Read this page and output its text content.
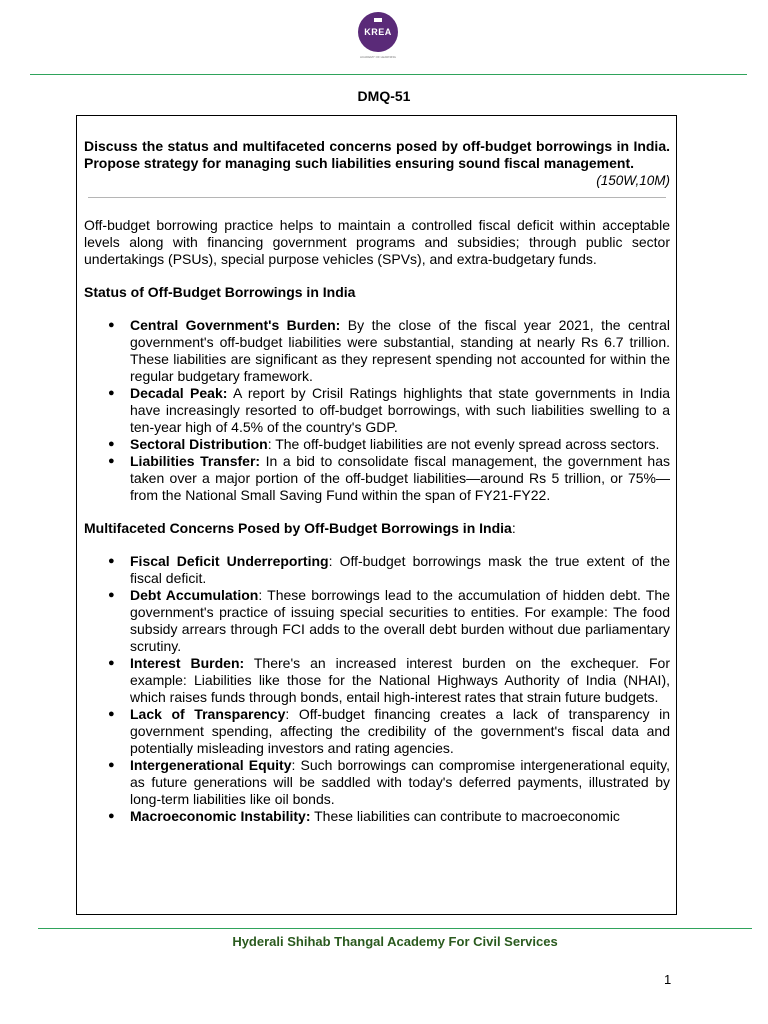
KREA
ACADEMY OF LEARNING
DMQ-51
Discuss the status and multifaceted concerns posed by off-budget borrowings in India. Propose strategy for managing such liabilities ensuring sound fiscal management.
(150W,10M)
Off-budget borrowing practice helps to maintain a controlled fiscal deficit within acceptable levels along with financing government programs and subsidies; through public sector undertakings (PSUs), special purpose vehicles (SPVs), and extra-budgetary funds.
Status of Off-Budget Borrowings in India
● Central Government's Burden: By the close of the fiscal year 2021, the central government's off-budget liabilities were substantial, standing at nearly Rs 6.7 trillion. These liabilities are significant as they represent spending not accounted for within the regular budgetary framework.
● Decadal Peak: A report by Crisil Ratings highlights that state governments in India have increasingly resorted to off-budget borrowings, with such liabilities swelling to a ten-year high of 4.5% of the country's GDP.
● Sectoral Distribution: The off-budget liabilities are not evenly spread across sectors.
● Liabilities Transfer: In a bid to consolidate fiscal management, the government has taken over a major portion of the off-budget liabilities—around Rs 5 trillion, or 75%—from the National Small Saving Fund within the span of FY21-FY22.
Multifaceted Concerns Posed by Off-Budget Borrowings in India:
● Fiscal Deficit Underreporting: Off-budget borrowings mask the true extent of the fiscal deficit.
● Debt Accumulation: These borrowings lead to the accumulation of hidden debt. The government's practice of issuing special securities to entities. For example: The food subsidy arrears through FCI adds to the overall debt burden without due parliamentary scrutiny.
● Interest Burden: There's an increased interest burden on the exchequer. For example: Liabilities like those for the National Highways Authority of India (NHAI), which raises funds through bonds, entail high-interest rates that strain future budgets.
● Lack of Transparency: Off-budget financing creates a lack of transparency in government spending, affecting the credibility of the government's fiscal data and potentially misleading investors and rating agencies.
● Intergenerational Equity: Such borrowings can compromise intergenerational equity, as future generations will be saddled with today's deferred payments, illustrated by long-term liabilities like oil bonds.
● Macroeconomic Instability: These liabilities can contribute to macroeconomic
Hyderali Shihab Thangal Academy For Civil Services
1
